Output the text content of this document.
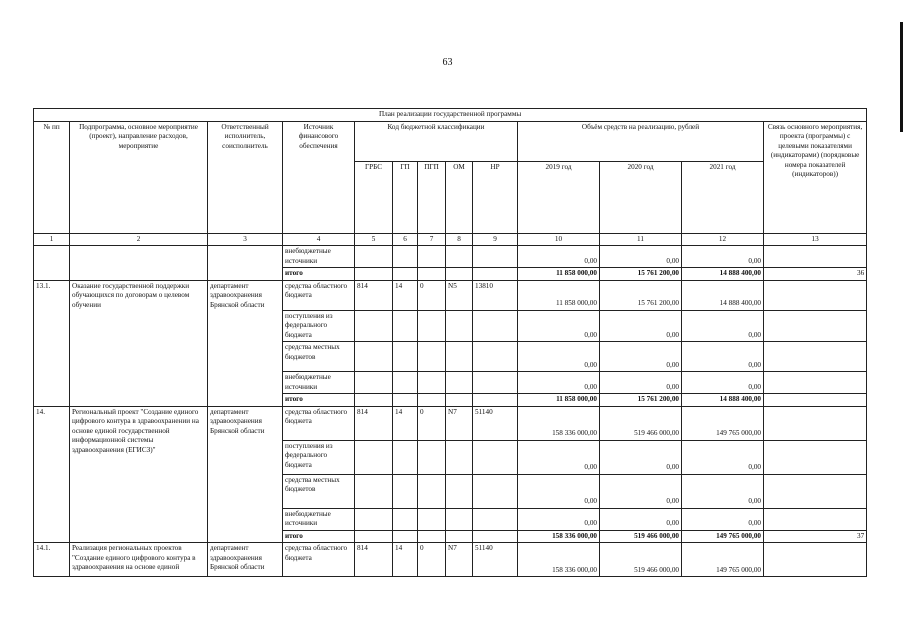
63
План реализации государственной программы												
№ пп	Подпрограмма, основное мероприятие (проект), направление расходов, мероприятие	Ответственный исполнитель, соисполнитель	Источник финансового обеспечения	Код бюджетной классификации					Объём средств на реализацию, рублей			Связь основного мероприятия, проекта (программы) с целевыми показателями (индикаторами) (порядковые номера показателей (индикаторов))
				ГРБС	ГП	ПГП	ОМ	НР	2019 год	2020 год	2021 год	
1	2	3	4	5	6	7	8	9	10	11	12	13
			внебюджетные источники						0,00	0,00	0,00	
			итого						11 858 000,00	15 761 200,00	14 888 400,00	36
13.1.	Оказание государственной поддержки обучающихся по договорам о целевом обучении	департамент здравоохранения Брянской области	средства областного бюджета	814	14	0	N5	13810	11 858 000,00	15 761 200,00	14 888 400,00	
			поступления из федерального бюджета						0,00	0,00	0,00	
			средства местных бюджетов						0,00	0,00	0,00	
			внебюджетные источники						0,00	0,00	0,00	
			итого						11 858 000,00	15 761 200,00	14 888 400,00	
14.	Региональный проект "Создание единого цифрового контура в здравоохранении на основе единой государственной информационной системы здравоохранения (ЕГИСЗ)"	департамент здравоохранения Брянской области	средства областного бюджета	814	14	0	N7	51140	158 336 000,00	519 466 000,00	149 765 000,00	
			поступления из федерального бюджета						0,00	0,00	0,00	
			средства местных бюджетов						0,00	0,00	0,00	
			внебюджетные источники						0,00	0,00	0,00	
			итого						158 336 000,00	519 466 000,00	149 765 000,00	37
14.1.	Реализация региональных проектов "Создание единого цифрового контура в здравоохранения на основе единой	департамент здравоохранения Брянской области	средства областного бюджета	814	14	0	N7	51140	158 336 000,00	519 466 000,00	149 765 000,00	
